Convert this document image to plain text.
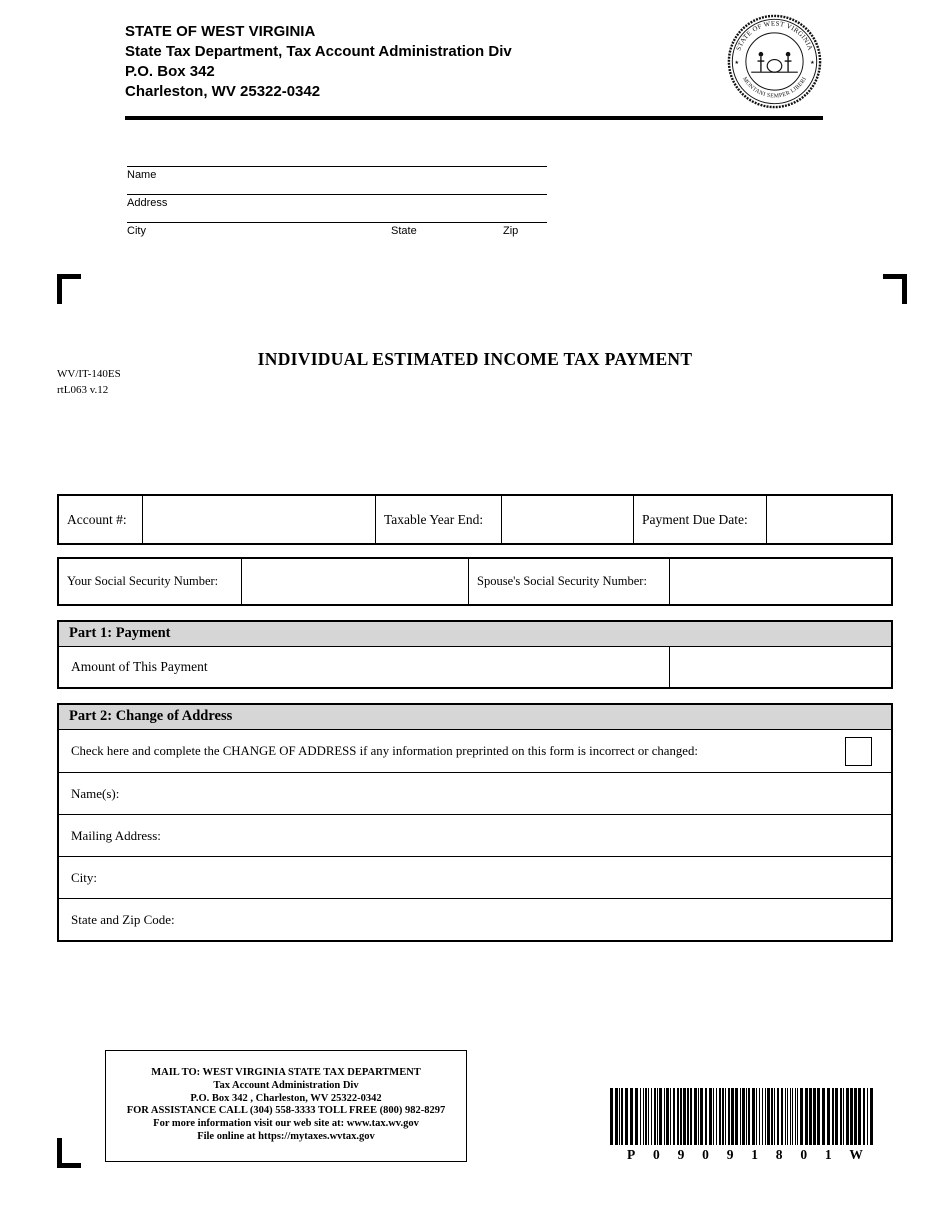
STATE OF WEST VIRGINIA
State Tax Department, Tax Account Administration Div
P.O. Box 342
Charleston, WV 25322-0342
STATE OF WEST VIRGINIA
MONTANI SEMPER LIBERI
★	★
Name
Address
City	State	Zip
INDIVIDUAL ESTIMATED INCOME TAX PAYMENT
WV/IT-140ES
rtL063 v.12
Account #:	Taxable Year End:	Payment Due Date:
Your Social Security Number:	Spouse's Social Security Number:
Part 1: Payment
Amount of This Payment
Part 2: Change of Address
Check here and complete the CHANGE OF ADDRESS if any information preprinted on this form is incorrect or changed:
Name(s):
Mailing Address:
City:
State and Zip Code:
MAIL TO: WEST VIRGINIA STATE TAX DEPARTMENT
Tax Account Administration Div
P.O. Box 342 , Charleston, WV 25322-0342
FOR ASSISTANCE CALL (304) 558-3333 TOLL FREE (800) 982-8297
For more information visit our web site at: www.tax.wv.gov
File online at https://mytaxes.wvtax.gov
P 0 9 0 9 1 8 0 1 W
